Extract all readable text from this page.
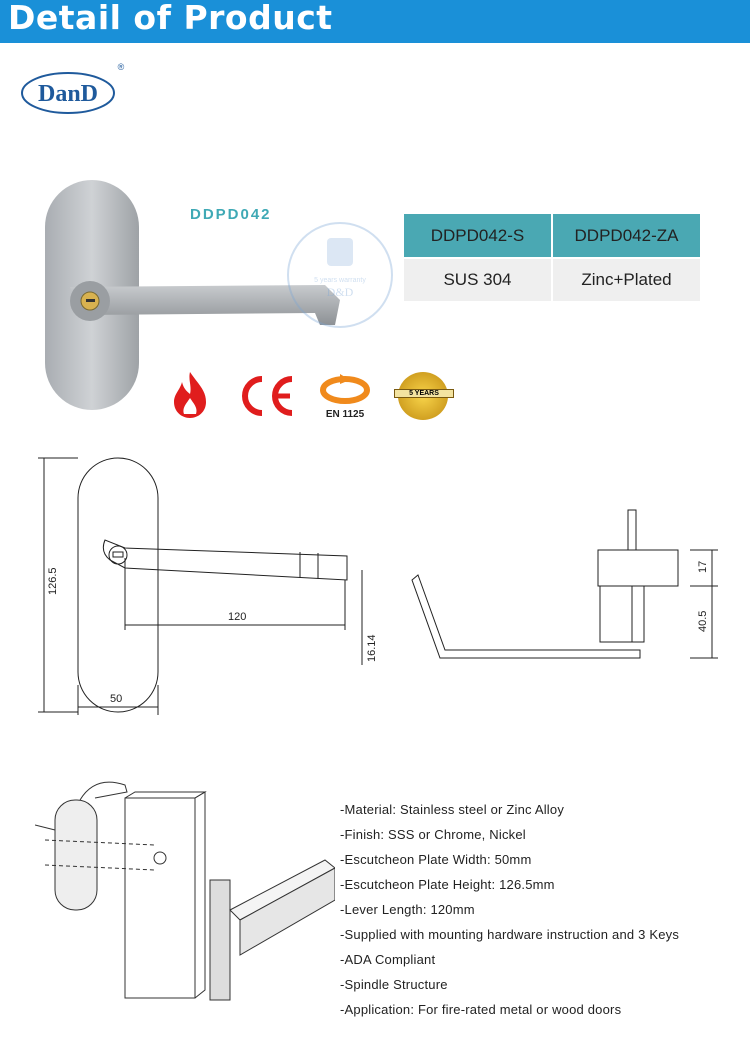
Detail of Product
DanD
®
DDPD042
5 years warranty
D&D
DDPD042-S	DDPD042-ZA
SUS 304	Zinc+Plated
EN 1125
5 YEARS
126.5
50
120
16.14
17
40.5
-Material: Stainless steel or Zinc Alloy
-Finish: SSS or Chrome, Nickel
-Escutcheon Plate Width: 50mm
-Escutcheon Plate Height: 126.5mm
-Lever Length: 120mm
-Supplied with mounting hardware instruction and 3 Keys
-ADA Compliant
-Spindle Structure
-Application: For fire-rated metal or wood doors
